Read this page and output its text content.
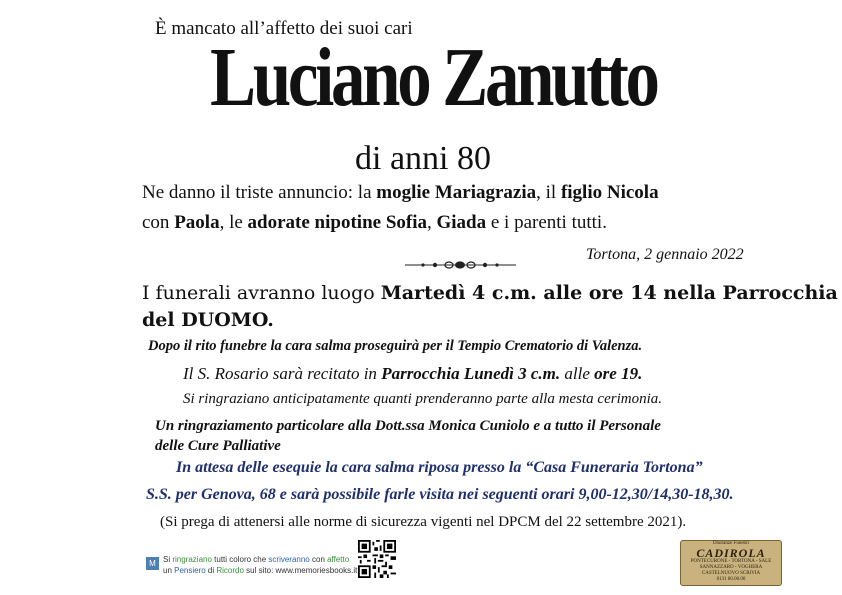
È mancato all’affetto dei suoi cari
Luciano Zanutto
di anni 80
Ne danno il triste annuncio: la moglie Mariagrazia, il figlio Nicola
con Paola, le adorate nipotine Sofia, Giada e i parenti tutti.
Tortona, 2 gennaio 2022
I funerali avranno luogo Martedì 4 c.m. alle ore 14 nella Parrocchia
del DUOMO.
Dopo il rito funebre la cara salma proseguirà per il Tempio Crematorio di Valenza.
Il S. Rosario sarà recitato in Parrocchia Lunedì 3 c.m. alle ore 19.
Si ringraziano anticipatamente quanti prenderanno parte alla mesta cerimonia.
Un ringraziamento particolare alla Dott.ssa Monica Cuniolo e a tutto il Personale
delle Cure Palliative
In attesa delle esequie la cara salma riposa presso la “Casa Funeraria Tortona”
S.S. per Genova, 68 e sarà possibile farle visita nei seguenti orari 9,00-12,30/14,30-18,30.
(Si prega di attenersi alle norme di sicurezza vigenti nel DPCM del 22 settembre 2021).
M Si ringraziano tutti coloro che scriveranno con affetto
un Pensiero di Ricordo sul sito: www.memoriesbooks.it
Onoranze Funebri
CADIROLA
PONTECURONE - TORTONA - SALE
SANNAZZARO - VOGHERA
CASTELNUOVO SCRIVIA
0131 80.00.00
